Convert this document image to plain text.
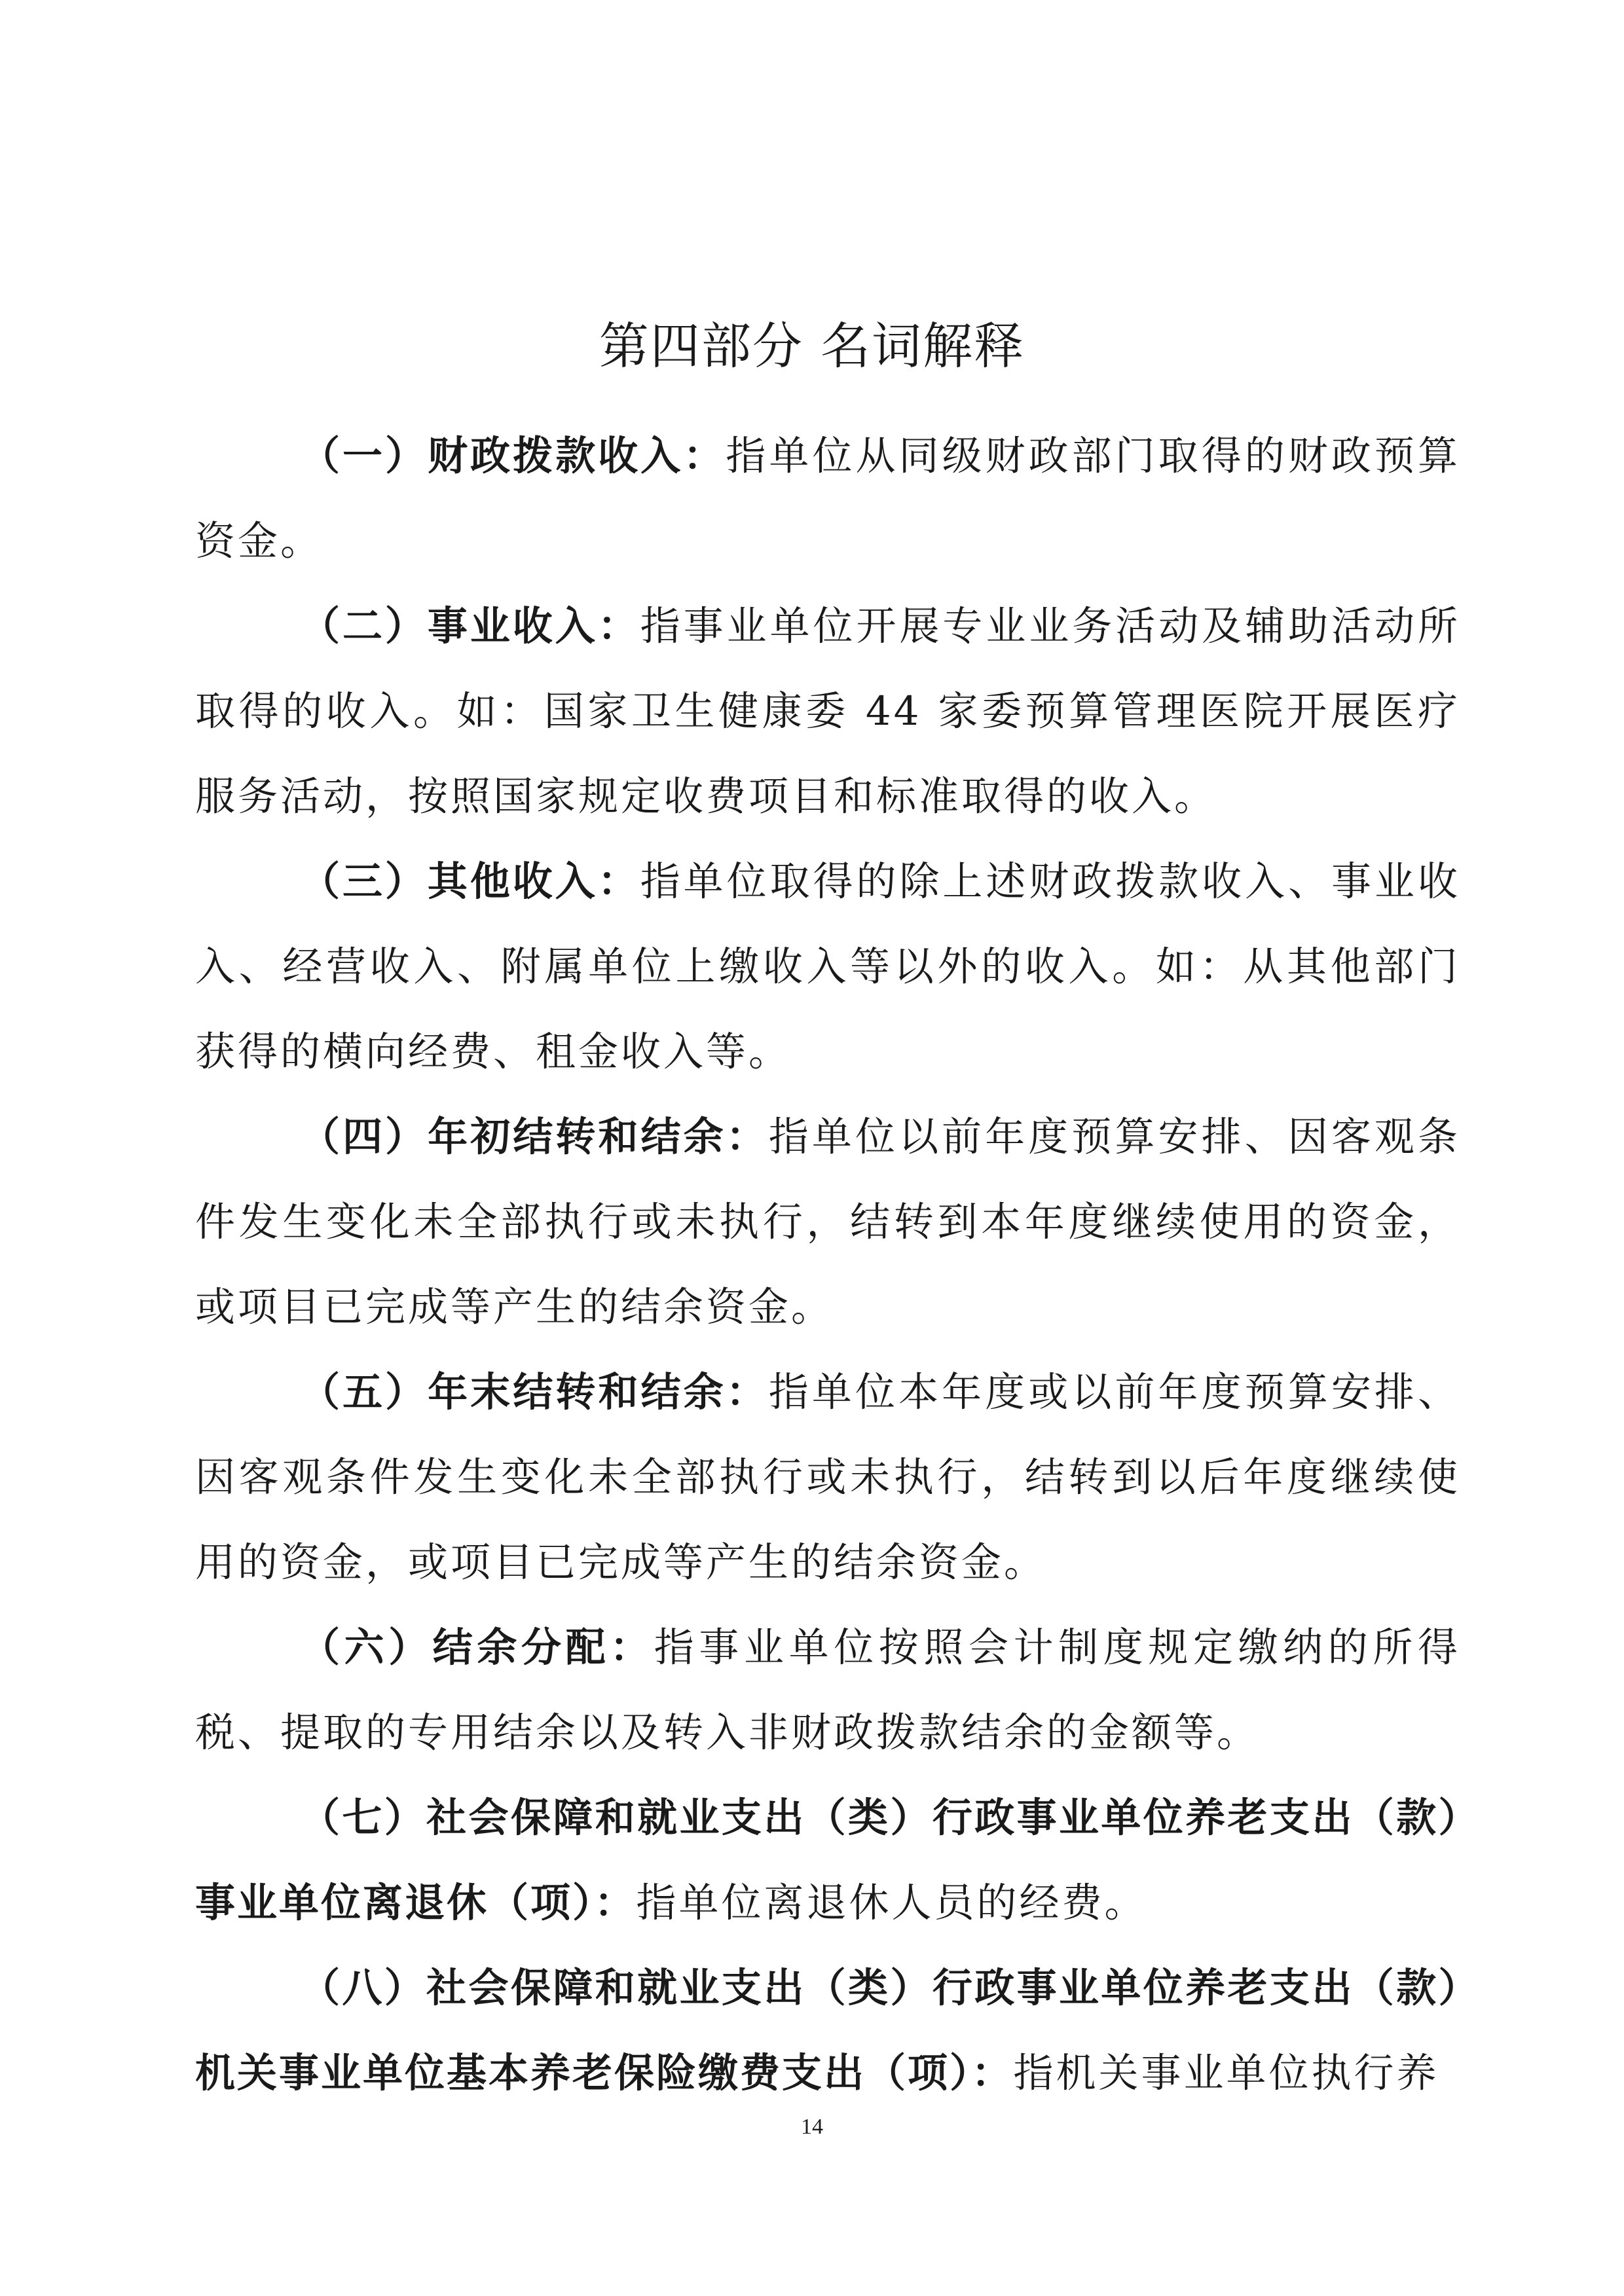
第四部分 名词解释

（一）财政拨款收入：指单位从同级财政部门取得的财政预算资金。

（二）事业收入：指事业单位开展专业业务活动及辅助活动所取得的收入。如：国家卫生健康委 44 家委预算管理医院开展医疗服务活动，按照国家规定收费项目和标准取得的收入。

（三）其他收入：指单位取得的除上述财政拨款收入、事业收入、经营收入、附属单位上缴收入等以外的收入。如：从其他部门获得的横向经费、租金收入等。

（四）年初结转和结余：指单位以前年度预算安排、因客观条件发生变化未全部执行或未执行，结转到本年度继续使用的资金，或项目已完成等产生的结余资金。

（五）年末结转和结余：指单位本年度或以前年度预算安排、因客观条件发生变化未全部执行或未执行，结转到以后年度继续使用的资金，或项目已完成等产生的结余资金。

（六）结余分配：指事业单位按照会计制度规定缴纳的所得税、提取的专用结余以及转入非财政拨款结余的金额等。

（七）社会保障和就业支出（类）行政事业单位养老支出（款）事业单位离退休（项）：指单位离退休人员的经费。

（八）社会保障和就业支出（类）行政事业单位养老支出（款）机关事业单位基本养老保险缴费支出（项）：指机关事业单位执行养

14
